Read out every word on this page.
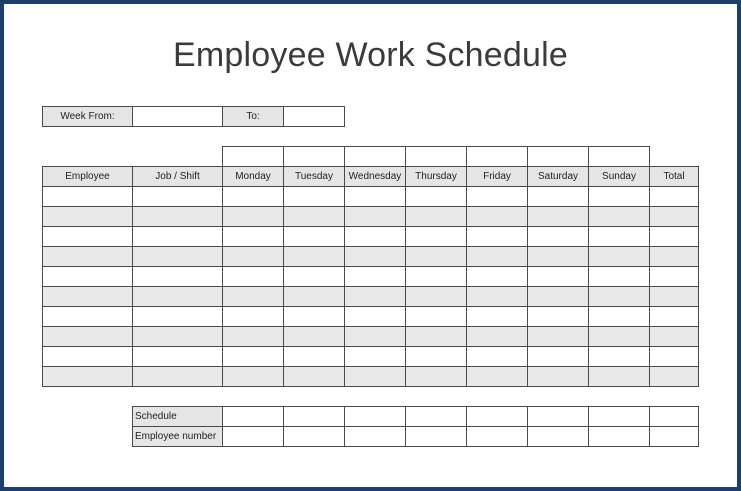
Employee Work Schedule
Week From:		To:	

Employee	Job / Shift	Monday	Tuesday	Wednesday	Thursday	Friday	Saturday	Sunday	Total

Schedule								
Employee number								
